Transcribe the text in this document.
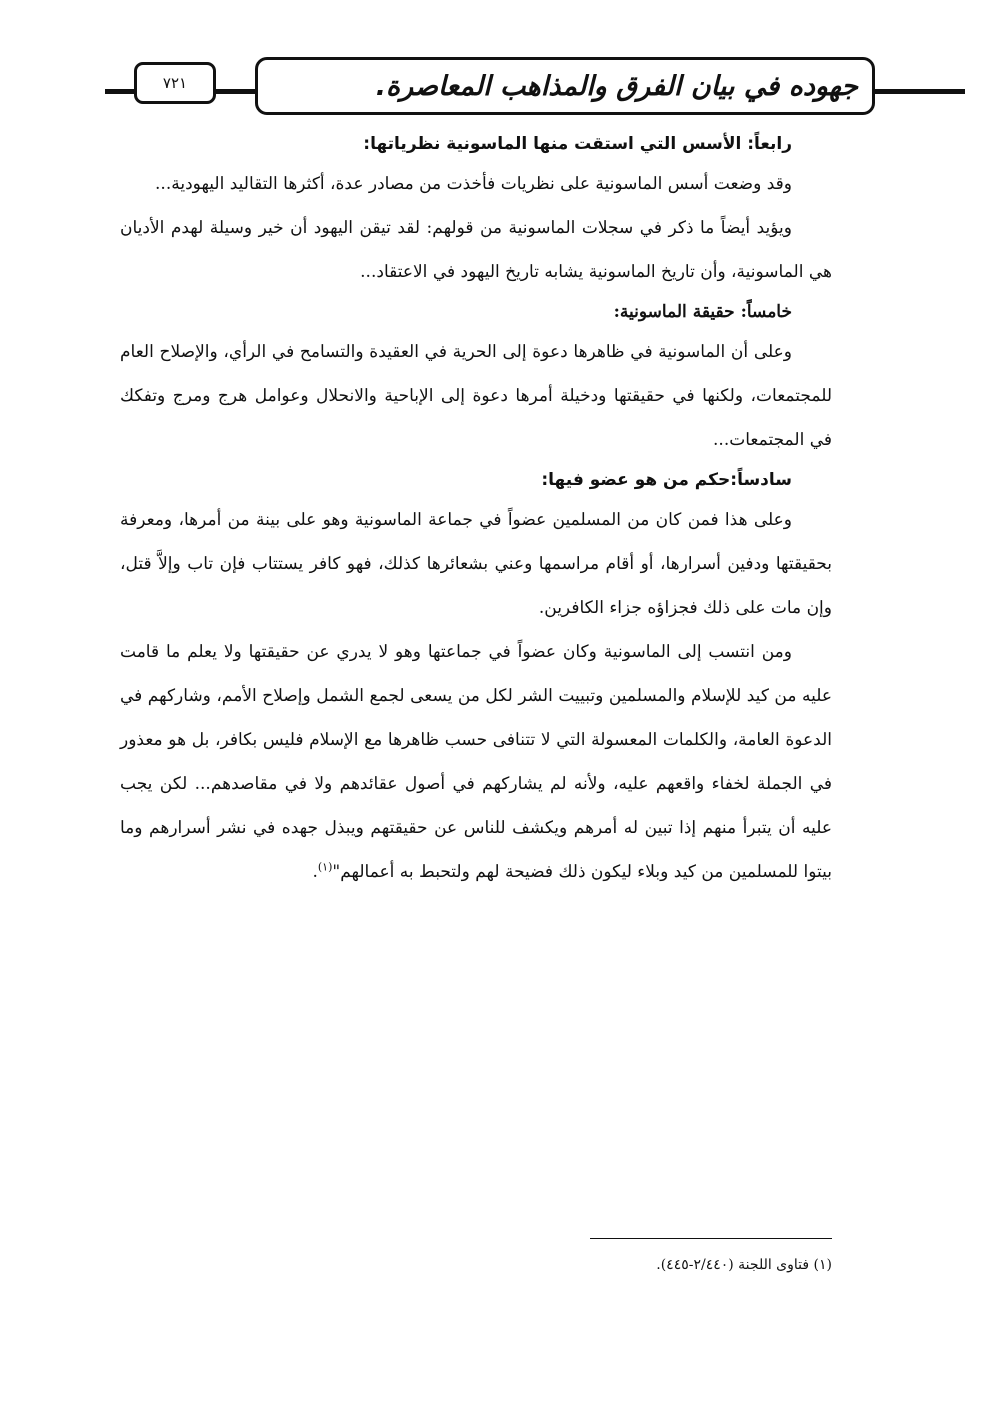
٧٢١	جهوده في بيان الفرق والمذاهب المعاصرة.
رابعاً: الأسس التي استقت منها الماسونية نظرياتها:

وقد وضعت أسس الماسونية على نظريات فأخذت من مصادر عدة، أكثرها التقاليد اليهودية...

ويؤيد أيضاً ما ذكر في سجلات الماسونية من قولهم: لقد تيقن اليهود أن خير وسيلة لهدم الأديان هي الماسونية، وأن تاريخ الماسونية يشابه تاريخ اليهود في الاعتقاد...

خامساً: حقيقة الماسونية:

وعلى أن الماسونية في ظاهرها دعوة إلى الحرية في العقيدة والتسامح في الرأي، والإصلاح العام للمجتمعات، ولكنها في حقيقتها ودخيلة أمرها دعوة إلى الإباحية والانحلال وعوامل هرج ومرج وتفكك في المجتمعات...

سادساً:حكم من هو عضو فيها:

وعلى هذا فمن كان من المسلمين عضواً في جماعة الماسونية وهو على بينة من أمرها، ومعرفة بحقيقتها ودفين أسرارها، أو أقام مراسمها وعني بشعائرها كذلك، فهو كافر يستتاب فإن تاب وإلاَّ قتل، وإن مات على ذلك فجزاؤه جزاء الكافرين.

ومن انتسب إلى الماسونية وكان عضواً في جماعتها وهو لا يدري عن حقيقتها ولا يعلم ما قامت عليه من كيد للإسلام والمسلمين وتبييت الشر لكل من يسعى لجمع الشمل وإصلاح الأمم، وشاركهم في الدعوة العامة، والكلمات المعسولة التي لا تتنافى حسب ظاهرها مع الإسلام فليس بكافر، بل هو معذور في الجملة لخفاء واقعهم عليه، ولأنه لم يشاركهم في أصول عقائدهم ولا في مقاصدهم... لكن يجب عليه أن يتبرأ منهم إذا تبين له أمرهم ويكشف للناس عن حقيقتهم ويبذل جهده في نشر أسرارهم وما بيتوا للمسلمين من كيد وبلاء ليكون ذلك فضيحة لهم ولتحبط به أعمالهم"$^{(١)}$.

(١) فتاوى اللجنة (٢/٤٤٠-٤٤٥).
